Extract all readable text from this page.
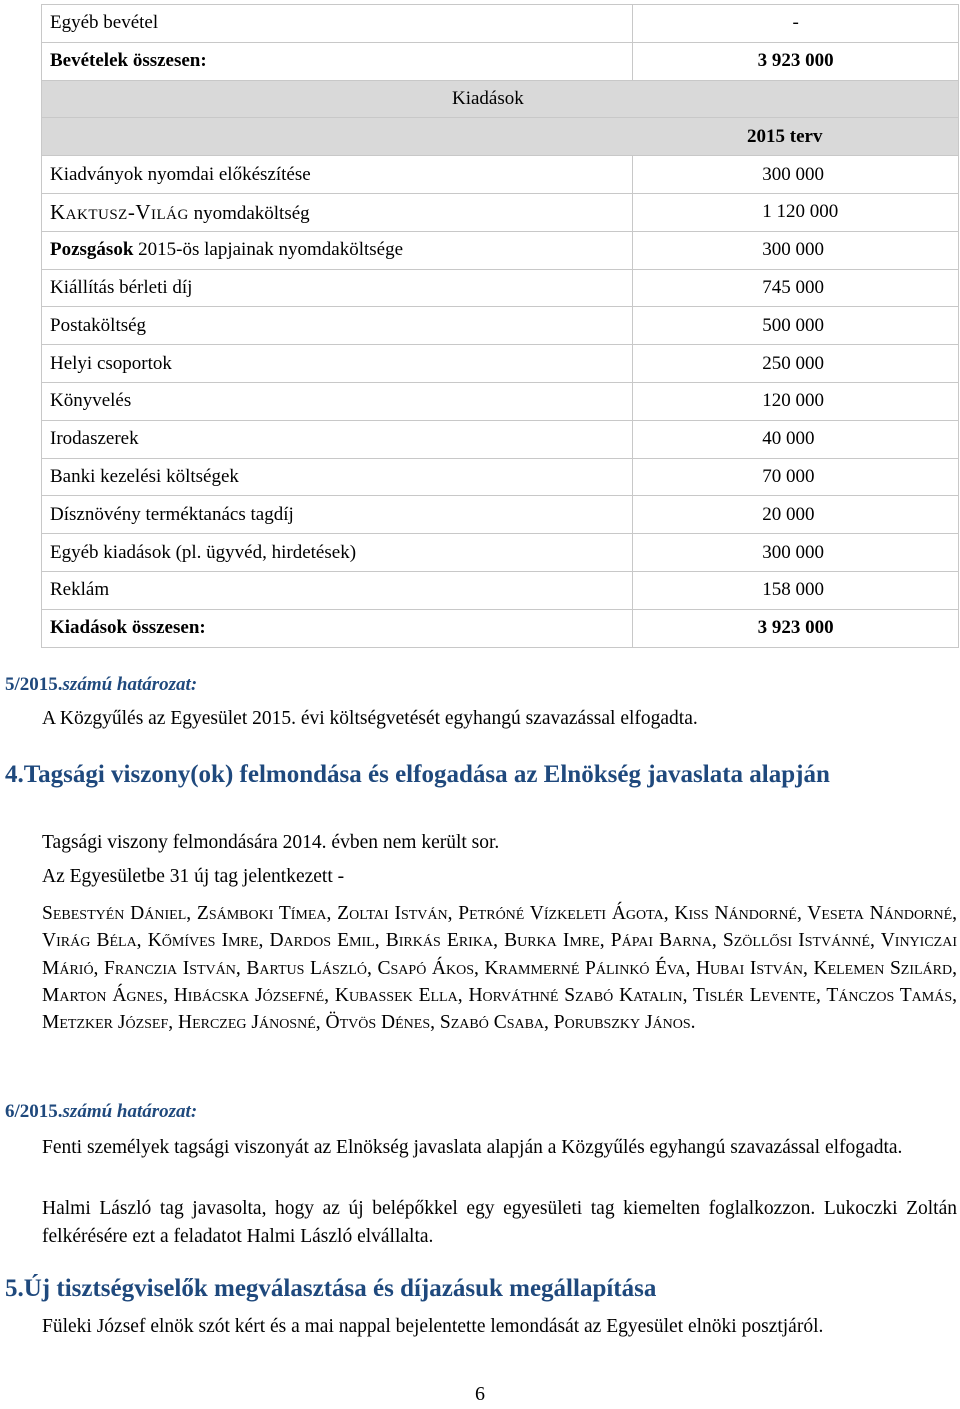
Egyéb bevétel	-
Bevételek összesen:	3 923 000
Kiadások	
2015 terv	
Kiadványok nyomdai előkészítése	300 000
Kaktusz-Világ nyomdaköltség	1 120 000
Pozsgások 2015-ös lapjainak nyomdaköltsége	300 000
Kiállítás bérleti díj	745 000
Postaköltség	500 000
Helyi csoportok	250 000
Könyvelés	120 000
Irodaszerek	40 000
Banki kezelési költségek	70 000
Dísznövény terméktanács tagdíj	20 000
Egyéb kiadások (pl. ügyvéd, hirdetések)	300 000
Reklám	158 000
Kiadások összesen:	3 923 000
5/2015.számú határozat:
A Közgyűlés az Egyesület 2015. évi költségvetését egyhangú szavazással elfogadta.
4.Tagsági viszony(ok) felmondása és elfogadása az Elnökség javaslata alapján
Tagsági viszony felmondására 2014. évben nem került sor.
Az Egyesületbe 31 új tag jelentkezett -
Sebestyén Dániel, Zsámboki Tímea, Zoltai István, Petróné Vízkeleti Ágota, Kiss Nándorné, Veseta Nándorné, Virág Béla, Kőmíves Imre, Dardos Emil, Birkás Erika, Burka Imre, Pápai Barna, Szöllősi Istvánné, Vinyiczai Márió, Franczia István, Bartus László, Csapó Ákos, Krammerné Pálinkó Éva, Hubai István, Kelemen Szilárd, Marton Ágnes, Hibácska Józsefné, Kubassek Ella, Horváthné Szabó Katalin, Tislér Levente, Tánczos Tamás, Metzker József, Herczeg Jánosné, Ötvös Dénes, Szabó Csaba, Porubszky János.
6/2015.számú határozat:
Fenti személyek tagsági viszonyát az Elnökség javaslata alapján a Közgyűlés egyhangú szavazással elfogadta.
Halmi László tag javasolta, hogy az új belépőkkel egy egyesületi tag kiemelten foglalkozzon. Lukoczki Zoltán felkérésére ezt a feladatot Halmi László elvállalta.
5.Új tisztségviselők megválasztása és díjazásuk megállapítása
Füleki József elnök szót kért és a mai nappal bejelentette lemondását az Egyesület elnöki posztjáról.
6
